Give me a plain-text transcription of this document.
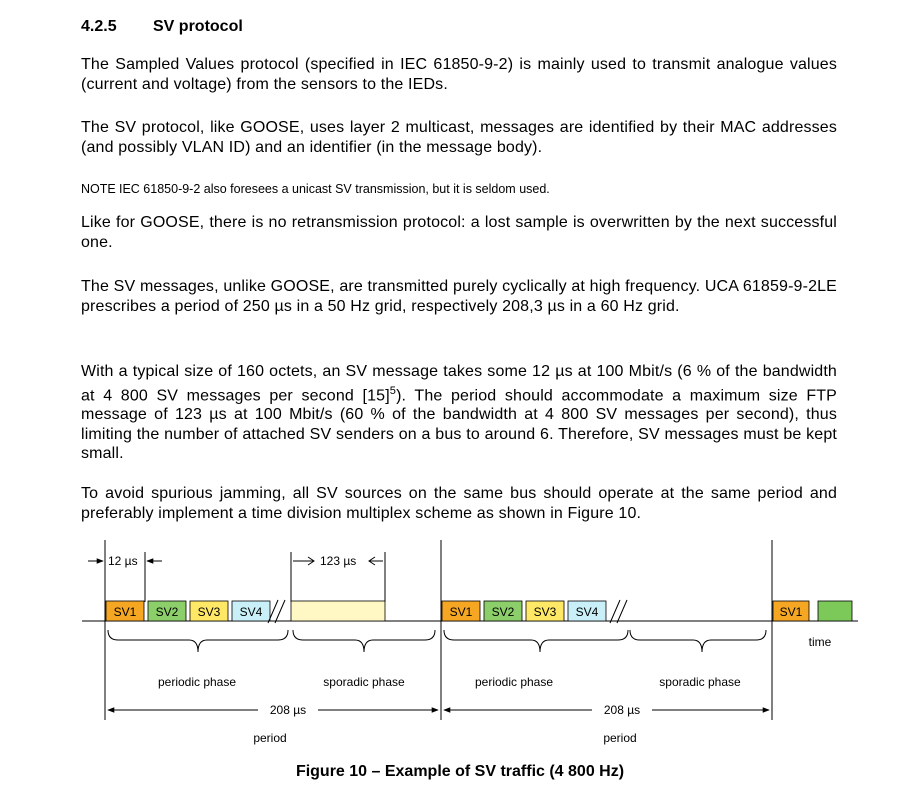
4.2.5 SV protocol
The Sampled Values protocol (specified in IEC 61850-9-2) is mainly used to transmit analogue values (current and voltage) from the sensors to the IEDs.
The SV protocol, like GOOSE, uses layer 2 multicast, messages are identified by their MAC addresses (and possibly VLAN ID) and an identifier (in the message body).
NOTE IEC 61850-9-2 also foresees a unicast SV transmission, but it is seldom used.
Like for GOOSE, there is no retransmission protocol: a lost sample is overwritten by the next successful one.
The SV messages, unlike GOOSE, are transmitted purely cyclically at high frequency. UCA 61859-9-2LE prescribes a period of 250 µs in a 50 Hz grid, respectively 208,3 µs in a 60 Hz grid.
With a typical size of 160 octets, an SV message takes some 12 µs at 100 Mbit/s (6 % of the bandwidth at 4 800 SV messages per second $[15]^5$). The period should accommodate a maximum size FTP message of 123 µs at 100 Mbit/s (60 % of the bandwidth at 4 800 SV messages per second), thus limiting the number of attached SV senders on a bus to around 6. Therefore, SV messages must be kept small.
To avoid spurious jamming, all SV sources on the same bus should operate at the same period and preferably implement a time division multiplex scheme as shown in Figure 10.
12 µs	123 µs
SV1 SV2 SV3 SV4	SV1
time
periodic phase	sporadic phase	periodic phase	sporadic phase
208 µs
period
208 µs
period
SV1 SV2 SV3 SV4
Figure 10 – Example of SV traffic (4 800 Hz)
